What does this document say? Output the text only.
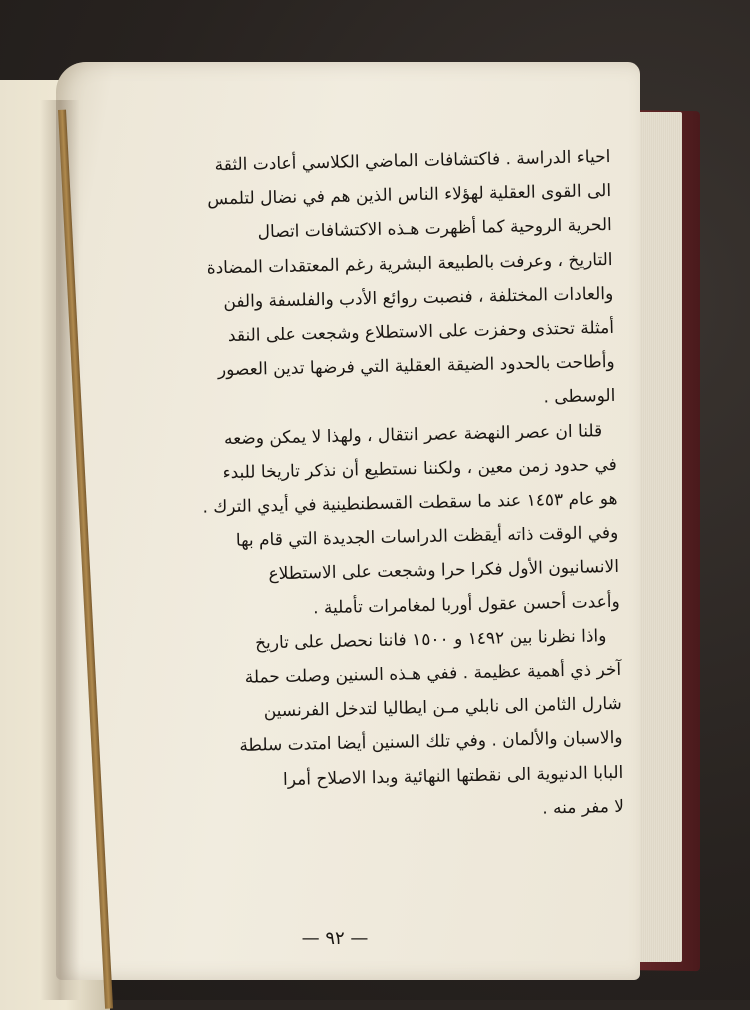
احياء الدراسة . فاكتشافات الماضي الكلاسي أعادت الثقة
الى القوى العقلية لهؤلاء الناس الذين هم في نضال لتلمس
الحرية الروحية كما أظهرت هـذه الاكتشافات اتصال
التاريخ ، وعرفت بالطبيعة البشرية رغم المعتقدات المضادة
والعادات المختلفة ، فنصبت روائع الأدب والفلسفة والفن
أمثلة تحتذى وحفزت على الاستطلاع وشجعت على النقد
وأطاحت بالحدود الضيقة العقلية التي فرضها تدين العصور
الوسطى .
قلنا ان عصر النهضة عصر انتقال ، ولهذا لا يمكن وضعه
في حدود زمن معين ، ولكننا نستطيع أن نذكر تاريخا للبدء
هو عام ١٤٥٣ عند ما سقطت القسطنطينية في أيدي الترك .
وفي الوقت ذاته أيقظت الدراسات الجديدة التي قام بها
الانسانيون الأول فكرا حرا وشجعت على الاستطلاع
وأعدت أحسن عقول أوربا لمغامرات تأملية .
واذا نظرنا بين ١٤٩٢ و ١٥٠٠ فاننا نحصل على تاريخ
آخر ذي أهمية عظيمة . ففي هـذه السنين وصلت حملة
شارل الثامن الى نابلي مـن ايطاليا لتدخل الفرنسين
والاسبان والألمان . وفي تلك السنين أيضا امتدت سلطة
البابا الدنيوية الى نقطتها النهائية وبدا الاصلاح أمرا
لا مفر منه .
— ٩٢ —
